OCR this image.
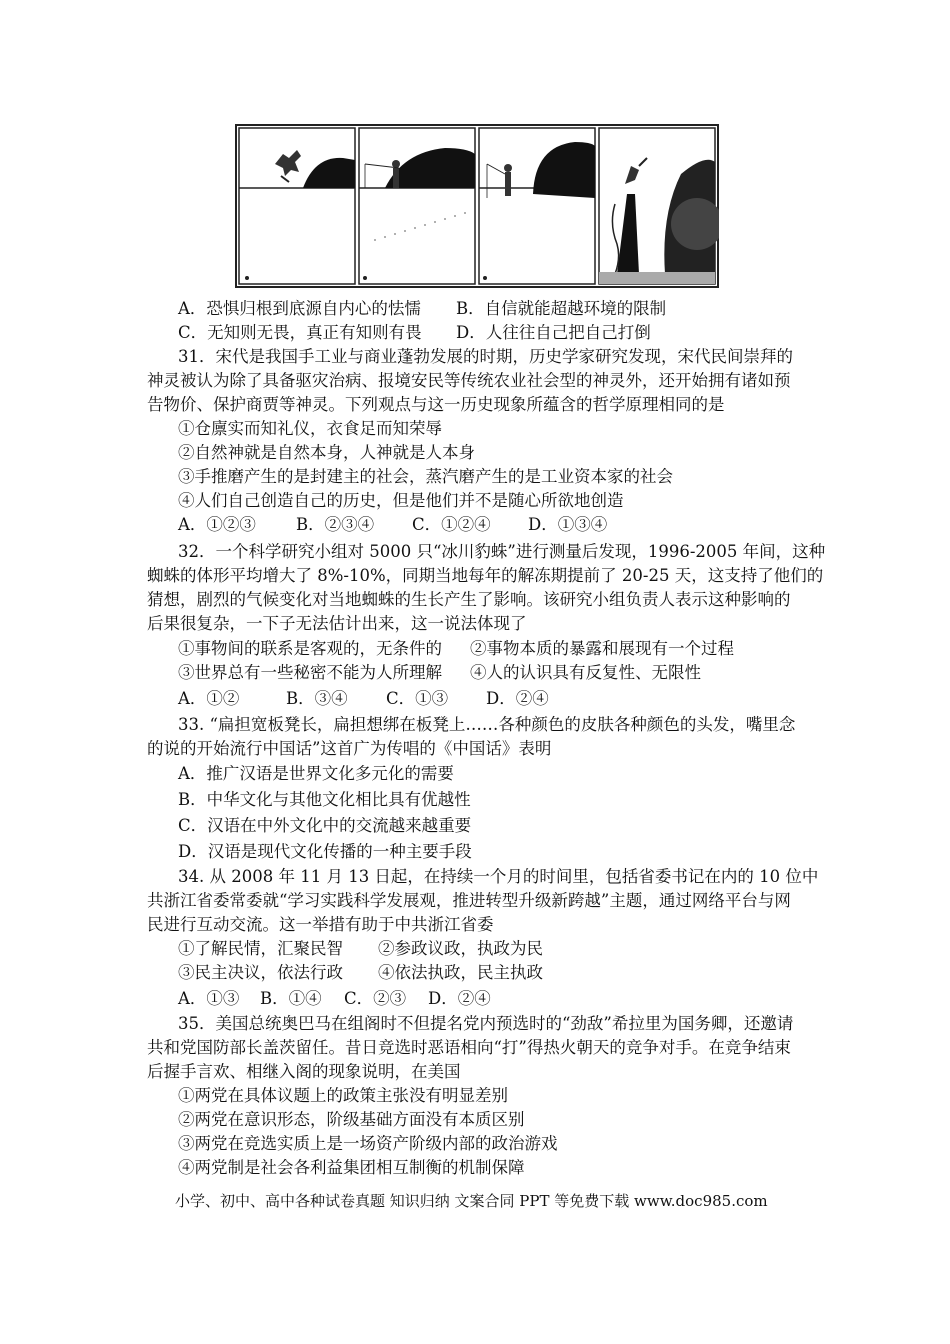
A．恐惧归根到底源自内心的怯懦 B．自信就能超越环境的限制
C．无知则无畏，真正有知则有畏 D．人往往自己把自己打倒
31．宋代是我国手工业与商业蓬勃发展的时期，历史学家研究发现，宋代民间崇拜的
神灵被认为除了具备驱灾治病、报境安民等传统农业社会型的神灵外，还开始拥有诸如预
告物价、保护商贾等神灵。下列观点与这一历史现象所蕴含的哲学原理相同的是
①仓廪实而知礼仪，衣食足而知荣辱
②自然神就是自然本身，人神就是人本身
③手推磨产生的是封建主的社会，蒸汽磨产生的是工业资本家的社会
④人们自己创造自己的历史，但是他们并不是随心所欲地创造
A．①②③ B．②③④ C．①②④ D．①③④
32．一个科学研究小组对 5000 只“冰川豹蛛”进行测量后发现，1996-2005 年间，这种
蜘蛛的体形平均增大了 8%-10%，同期当地每年的解冻期提前了 20-25 天，这支持了他们的
猜想，剧烈的气候变化对当地蜘蛛的生长产生了影响。该研究小组负责人表示这种影响的
后果很复杂，一下子无法估计出来，这一说法体现了
①事物间的联系是客观的，无条件的 ②事物本质的暴露和展现有一个过程
③世界总有一些秘密不能为人所理解 ④人的认识具有反复性、无限性
A．①②	B．③④ C．①③ D．②④
33. “扁担宽板凳长，扁担想绑在板凳上……各种颜色的皮肤各种颜色的头发，嘴里念
的说的开始流行中国话”这首广为传唱的《中国话》表明
A．推广汉语是世界文化多元化的需要
B．中华文化与其他文化相比具有优越性
C．汉语在中外文化中的交流越来越重要
D．汉语是现代文化传播的一种主要手段
34. 从 2008 年 11 月 13 日起，在持续一个月的时间里，包括省委书记在内的 10 位中
共浙江省委常委就“学习实践科学发展观，推进转型升级新跨越”主题，通过网络平台与网
民进行互动交流。这一举措有助于中共浙江省委
①了解民情，汇聚民智 ②参政议政，执政为民
③民主决议，依法行政 ④依法执政，民主执政
A．①③ B．①④ C．②③ D．②④
35．美国总统奥巴马在组阁时不但提名党内预选时的“劲敌”希拉里为国务卿，还邀请
共和党国防部长盖茨留任。昔日竞选时恶语相向“打”得热火朝天的竞争对手。在竞争结束
后握手言欢、相继入阁的现象说明，在美国
①两党在具体议题上的政策主张没有明显差别
②两党在意识形态，阶级基础方面没有本质区别
③两党在竞选实质上是一场资产阶级内部的政治游戏
④两党制是社会各利益集团相互制衡的机制保障
小学、初中、高中各种试卷真题 知识归纳 文案合同 PPT 等免费下载 www.doc985.com
